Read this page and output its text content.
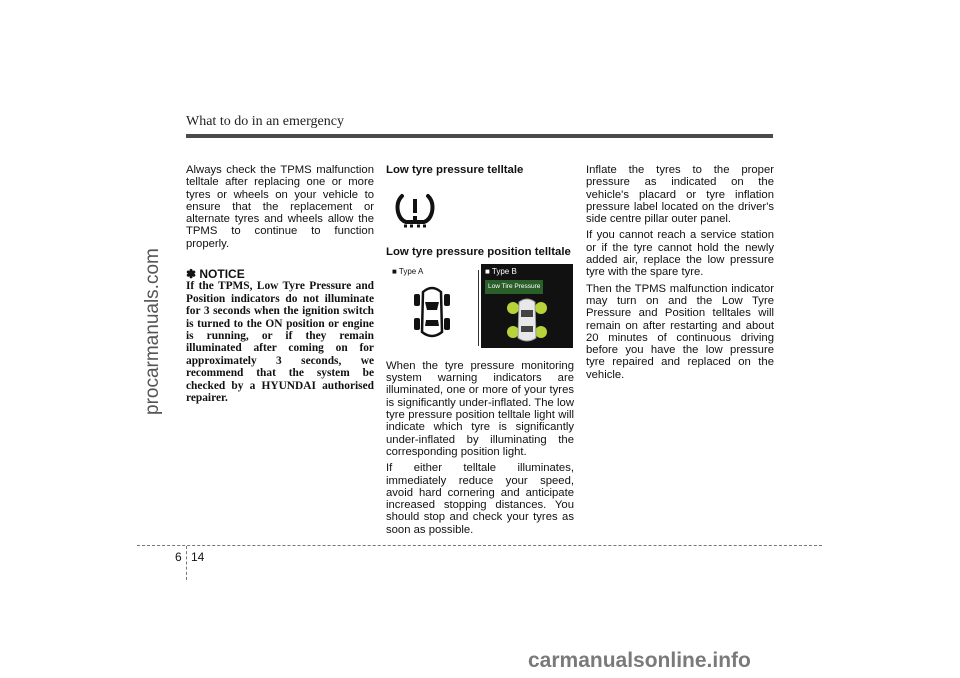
What to do in an emergency
procarmanuals.com

Always check the TPMS malfunction telltale after replacing one or more tyres or wheels on your vehicle to ensure that the replacement or alternate tyres and wheels allow the TPMS to continue to function properly.

✽ NOTICE

If the TPMS, Low Tyre Pressure and Position indicators do not illuminate for 3 seconds when the ignition switch is turned to the ON position or engine is running, or if they remain illuminated after coming on for approximately 3 seconds, we recommend that the system be checked by a HYUNDAI authorised repairer.

Low tyre pressure telltale

Low tyre pressure position telltale

■ Type A	■ Type B
Low Tire Pressure

When the tyre pressure monitoring system warning indicators are illuminated, one or more of your tyres is significantly under-inflated. The low tyre pressure position telltale light will indicate which tyre is significantly under-inflated by illuminating the corresponding position light.

If either telltale illuminates, immediately reduce your speed, avoid hard cornering and anticipate increased stopping distances. You should stop and check your tyres as soon as possible.

Inflate the tyres to the proper pressure as indicated on the vehicle's placard or tyre inflation pressure label located on the driver's side centre pillar outer panel.

If you cannot reach a service station or if the tyre cannot hold the newly added air, replace the low pressure tyre with the spare tyre.

Then the TPMS malfunction indicator may turn on and the Low Tyre Pressure and Position telltales will remain on after restarting and about 20 minutes of continuous driving before you have the low pressure tyre repaired and replaced on the vehicle.

6 14
carmanualsonline.info
